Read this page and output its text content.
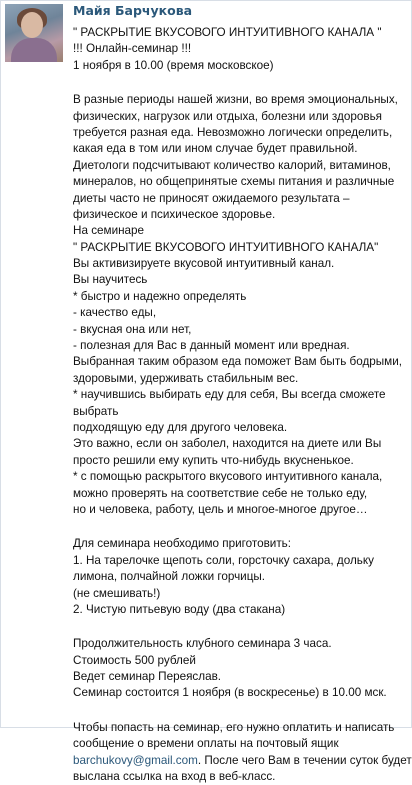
Майя Барчукова
" РАСКРЫТИЕ ВКУСОВОГО ИНТУИТИВНОГО КАНАЛА "
!!! Онлайн-семинар !!!
1 ноября в 10.00 (время московское)
В разные периоды нашей жизни, во время эмоциональных,
физических, нагрузок или отдыха, болезни или здоровья
требуется разная еда. Невозможно логически определить,
какая еда в том или ином случае будет правильной.
Диетологи подсчитывают количество калорий, витаминов,
минералов, но общепринятые схемы питания и различные
диеты часто не приносят ожидаемого результата –
физическое и психическое здоровье.
На семинаре
" РАСКРЫТИЕ ВКУСОВОГО ИНТУИТИВНОГО КАНАЛА"
Вы активизируете вкусовой интуитивный канал.
Вы научитесь
* быстро и надежно определять
- качество еды,
- вкусная она или нет,
- полезная для Вас в данный момент или вредная.
Выбранная таким образом еда поможет Вам быть бодрыми,
здоровыми, удерживать стабильным вес.
* научившись выбирать еду для себя, Вы всегда сможете
выбрать
подходящую еду для другого человека.
Это важно, если он заболел, находится на диете или Вы
просто решили ему купить что-нибудь вкусненькое.
* с помощью раскрытого вкусового интуитивного канала,
можно проверять на соответствие себе не только еду,
но и человека, работу, цель и многое-многое другое…
Для семинара необходимо приготовить:
1. На тарелочке щепоть соли, горсточку сахара, дольку
лимона, полчайной ложки горчицы.
(не смешивать!)
2. Чистую питьевую воду (два стакана)
Продолжительность клубного семинара 3 часа.
Стоимость 500 рублей
Ведет семинар Переяслав.
Семинар состоится 1 ноября (в воскресенье) в 10.00 мск.
Чтобы попасть на семинар, его нужно оплатить и написать
сообщение о времени оплаты на почтовый ящик
barchukovy@gmail.com. После чего Вам в течении суток будет
выслана ссылка на вход в веб-класс.
